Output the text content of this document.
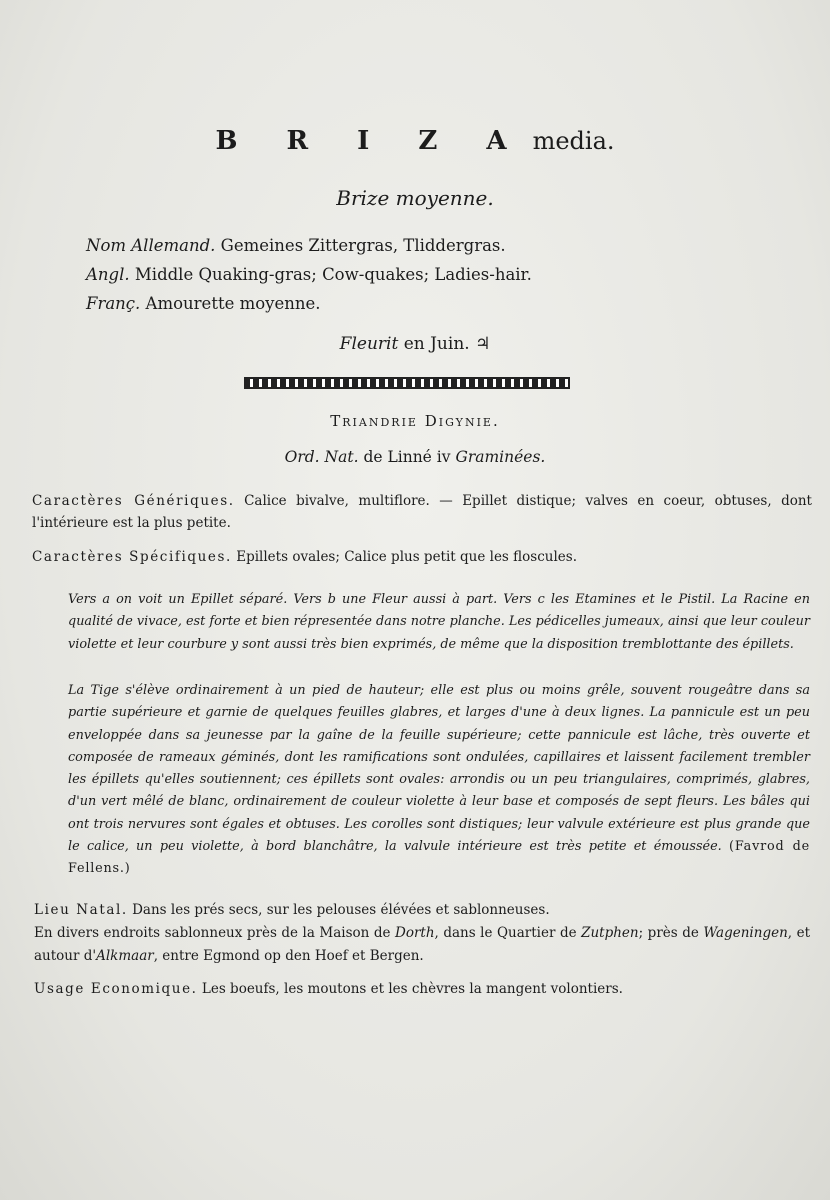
B R I Z A media.
Brize moyenne.
Nom Allemand. Gemeines Zittergras, Tliddergras.
Angl. Middle Quaking-gras; Cow-quakes; Ladies-hair.
Franç. Amourette moyenne.
Fleurit en Juin. ♃
Triandrie Digynie.
Ord. Nat. de Linné iv Graminées.
Caractères Génériques. Calice bivalve, multiflore. — Epillet distique; valves en coeur, obtuses, dont l'intérieure est la plus petite.
Caractères Spécifiques. Epillets ovales; Calice plus petit que les floscules.
Vers a on voit un Epillet séparé. Vers b une Fleur aussi à part. Vers c les Etamines et le Pistil. La Racine en qualité de vivace, est forte et bien répresentée dans notre planche. Les pédicelles jumeaux, ainsi que leur couleur violette et leur courbure y sont aussi très bien exprimés, de même que la disposition tremblottante des épillets.
La Tige s'élève ordinairement à un pied de hauteur; elle est plus ou moins grêle, souvent rougeâtre dans sa partie supérieure et garnie de quelques feuilles glabres, et larges d'une à deux lignes. La pannicule est un peu enveloppée dans sa jeunesse par la gaîne de la feuille supérieure; cette pannicule est lâche, très ouverte et composée de rameaux géminés, dont les ramifications sont ondulées, capillaires et laissent facilement trembler les épillets qu'elles soutiennent; ces épillets sont ovales: arrondis ou un peu triangulaires, comprimés, glabres, d'un vert mêlé de blanc, ordinairement de couleur violette à leur base et composés de sept fleurs. Les bâles qui ont trois nervures sont égales et obtuses. Les corolles sont distiques; leur valvule extérieure est plus grande que le calice, un peu violette, à bord blanchâtre, la valvule intérieure est très petite et émoussée. (Favrod de Fellens.)
Lieu Natal. Dans les prés secs, sur les pelouses élévées et sablonneuses.
En divers endroits sablonneux près de la Maison de Dorth, dans le Quartier de Zutphen; près de Wageningen, et autour d'Alkmaar, entre Egmond op den Hoef et Bergen.
Usage Economique. Les boeufs, les moutons et les chèvres la mangent volontiers.
